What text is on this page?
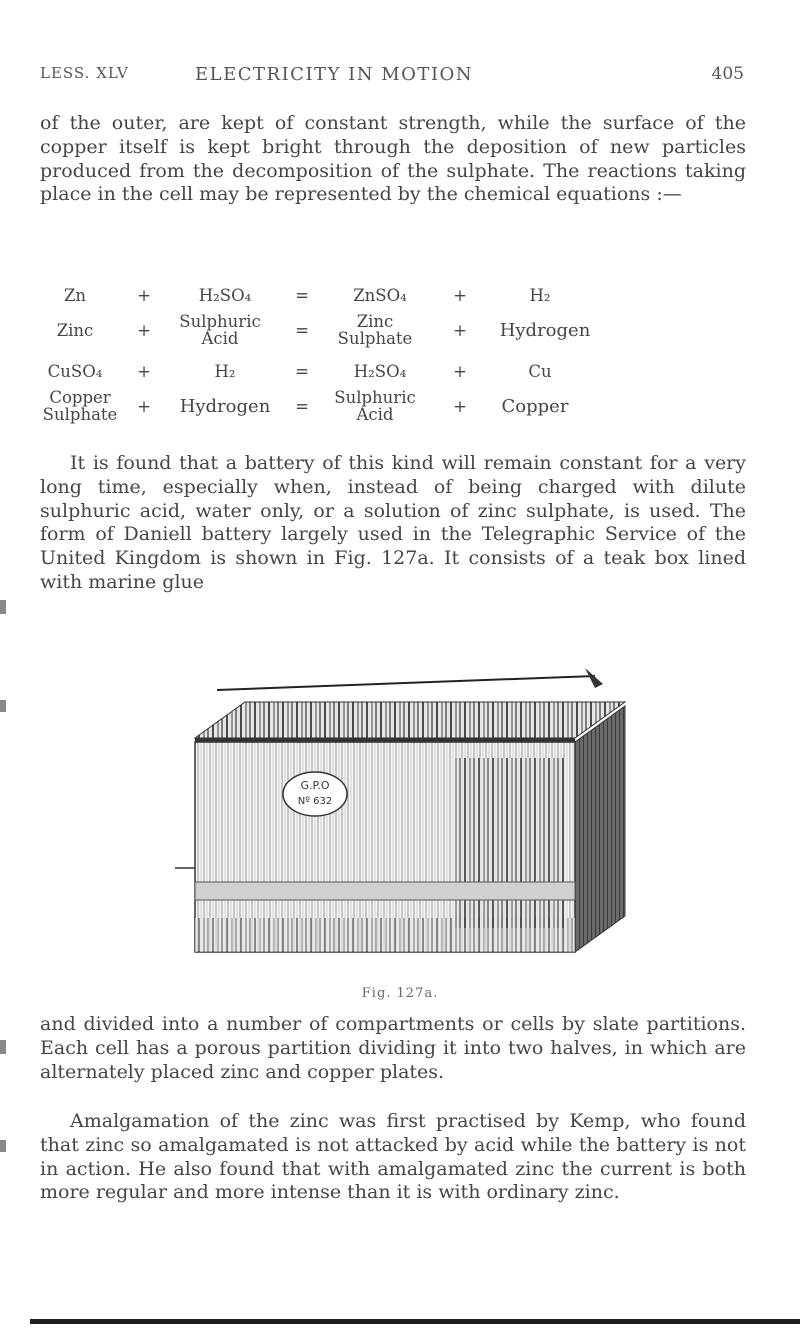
LESS. XLV	ELECTRICITY IN MOTION	405

of the outer, are kept of constant strength, while the surface of the copper itself is kept bright through the deposition of new particles produced from the decomposition of the sulphate. The reactions taking place in the cell may be represented by the chemical equations :—

Zn	+	H₂SO₄	=	ZnSO₄	+	H₂
Zinc	+	Sulphuric Acid	=	Zinc Sulphate	+	Hydrogen
CuSO₄	+	H₂	=	H₂SO₄	+	Cu
Copper Sulphate	+	Hydrogen	=	Sulphuric Acid	+	Copper

It is found that a battery of this kind will remain constant for a very long time, especially when, instead of being charged with dilute sulphuric acid, water only, or a solution of zinc sulphate, is used. The form of Daniell battery largely used in the Telegraphic Service of the United Kingdom is shown in Fig. 127a. It consists of a teak box lined with marine glue

G.P.O
Nº 632
Fig. 127a.

and divided into a number of compartments or cells by slate partitions. Each cell has a porous partition dividing it into two halves, in which are alternately placed zinc and copper plates.

Amalgamation of the zinc was first practised by Kemp, who found that zinc so amalgamated is not attacked by acid while the battery is not in action. He also found that with amalgamated zinc the current is both more regular and more intense than it is with ordinary zinc.
